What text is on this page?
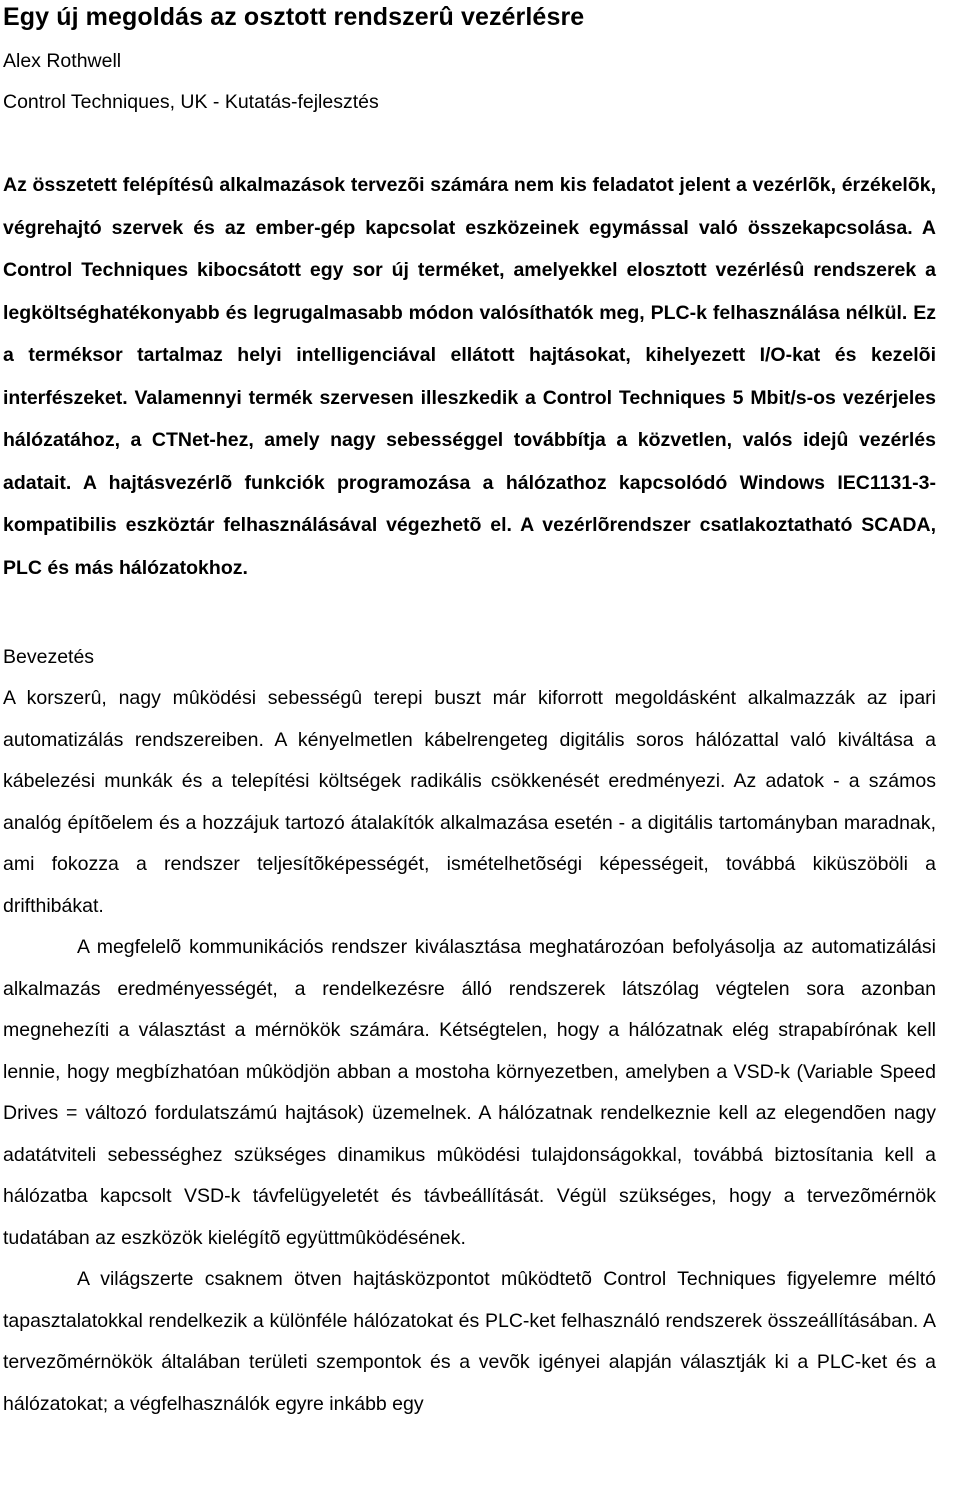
Egy új megoldás az osztott rendszerû vezérlésre

Alex Rothwell

Control Techniques, UK - Kutatás-fejlesztés

Az összetett felépítésû alkalmazások tervezõi számára nem kis feladatot jelent a vezérlõk, érzékelõk, végrehajtó szervek és az ember-gép kapcsolat eszközeinek egymással való összekapcsolása. A Control Techniques kibocsátott egy sor új terméket, amelyekkel elosztott vezérlésû rendszerek a legköltséghatékonyabb és legrugalmasabb módon valósíthatók meg, PLC-k felhasználása nélkül. Ez a terméksor tartalmaz helyi intelligenciával ellátott hajtásokat, kihelyezett I/O-kat és kezelõi interfészeket. Valamennyi termék szervesen illeszkedik a Control Techniques 5 Mbit/s-os vezérjeles hálózatához, a CTNet-hez, amely nagy sebességgel továbbítja a közvetlen, valós idejû vezérlés adatait. A hajtásvezérlõ funkciók programozása a hálózathoz kapcsolódó Windows IEC1131-3-kompatibilis eszköztár felhasználásával végezhetõ el. A vezérlõrendszer csatlakoztatható SCADA, PLC és más hálózatokhoz.

Bevezetés

A korszerû, nagy mûködési sebességû terepi buszt már kiforrott megoldásként alkalmazzák az ipari automatizálás rendszereiben. A kényelmetlen kábelrengeteg digitális soros hálózattal való kiváltása a kábelezési munkák és a telepítési költségek radikális csökkenését eredményezi. Az adatok - a számos analóg építõelem és a hozzájuk tartozó átalakítók alkalmazása esetén - a digitális tartományban maradnak, ami fokozza a rendszer teljesítõképességét, ismételhetõségi képességeit, továbbá kiküszöböli a drifthibákat.

A megfelelõ kommunikációs rendszer kiválasztása meghatározóan befolyásolja az automatizálási alkalmazás eredményességét, a rendelkezésre álló rendszerek látszólag végtelen sora azonban megnehezíti a választást a mérnökök számára. Kétségtelen, hogy a hálózatnak elég strapabírónak kell lennie, hogy megbízhatóan mûködjön abban a mostoha környezetben, amelyben a VSD-k (Variable Speed Drives = változó fordulatszámú hajtások) üzemelnek. A hálózatnak rendelkeznie kell az elegendõen nagy adatátviteli sebességhez szükséges dinamikus mûködési tulajdonságokkal, továbbá biztosítania kell a hálózatba kapcsolt VSD-k távfelügyeletét és távbeállítását. Végül szükséges, hogy a tervezõmérnök tudatában az eszközök kielégítõ együttmûködésének.

A világszerte csaknem ötven hajtásközpontot mûködtetõ Control Techniques figyelemre méltó tapasztalatokkal rendelkezik a különféle hálózatokat és PLC-ket felhasználó rendszerek összeállításában. A tervezõmérnökök általában területi szempontok és a vevõk igényei alapján választják ki a PLC-ket és a hálózatokat; a végfelhasználók egyre inkább egy
